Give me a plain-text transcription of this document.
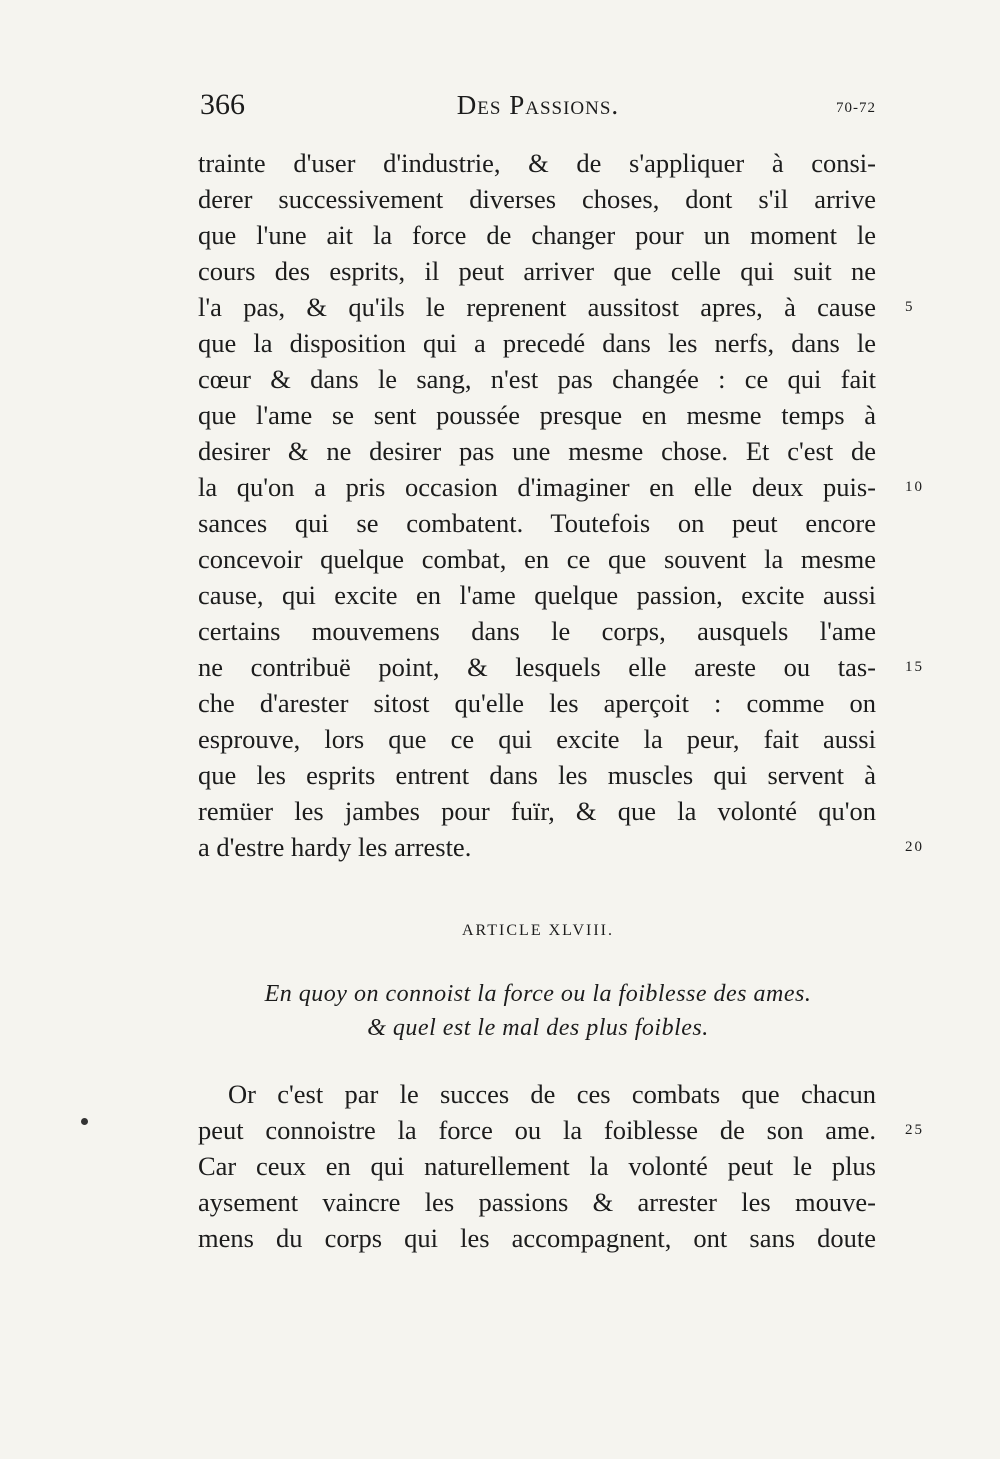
366	Des Passions.	70-72
trainte d'user d'industrie, & de s'appliquer à consi-
derer successivement diverses choses, dont s'il arrive
que l'une ait la force de changer pour un moment le
cours des esprits, il peut arriver que celle qui suit ne
l'a pas, & qu'ils le reprenent aussitost apres, à cause
que la disposition qui a precedé dans les nerfs, dans le
cœur & dans le sang, n'est pas changée : ce qui fait
que l'ame se sent poussée presque en mesme temps à
desirer & ne desirer pas une mesme chose. Et c'est de
la qu'on a pris occasion d'imaginer en elle deux puis-
sances qui se combatent. Toutefois on peut encore
concevoir quelque combat, en ce que souvent la mesme
cause, qui excite en l'ame quelque passion, excite aussi
certains mouvemens dans le corps, ausquels l'ame
ne contribuë point, & lesquels elle areste ou tas-
che d'arester sitost qu'elle les aperçoit : comme on
esprouve, lors que ce qui excite la peur, fait aussi
que les esprits entrent dans les muscles qui servent à
remüer les jambes pour fuïr, & que la volonté qu'on
a d'estre hardy les arreste.
5
10
15
20
ARTICLE XLVIII.
En quoy on connoist la force ou la foiblesse des ames.
& quel est le mal des plus foibles.
Or c'est par le succes de ces combats que chacun
peut connoistre la force ou la foiblesse de son ame.
Car ceux en qui naturellement la volonté peut le plus
aysement vaincre les passions & arrester les mouve-
mens du corps qui les accompagnent, ont sans doute
25
